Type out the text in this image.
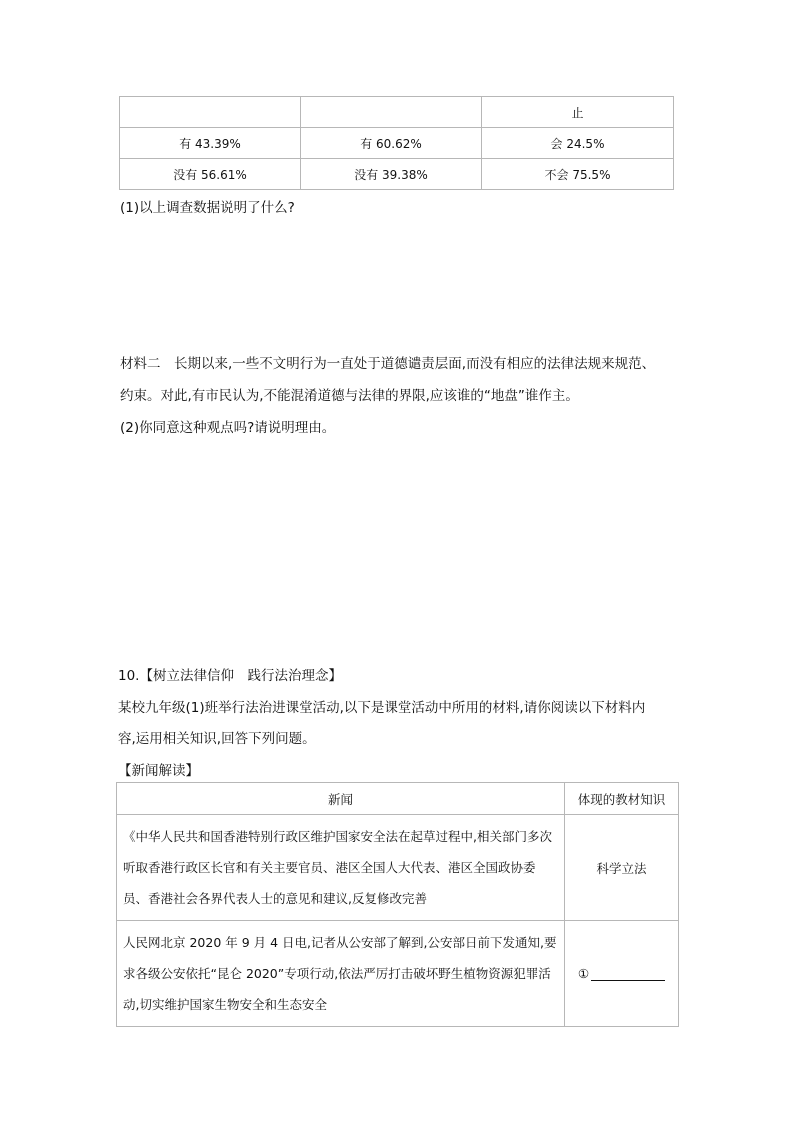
		止
有 43.39%	有 60.62%	会 24.5%
没有 56.61%	没有 39.38%	不会 75.5%
(1)以上调查数据说明了什么?
材料二　长期以来,一些不文明行为一直处于道德谴责层面,而没有相应的法律法规来规范、
约束。对此,有市民认为,不能混淆道德与法律的界限,应该谁的“地盘”谁作主。
(2)你同意这种观点吗?请说明理由。
10.【树立法律信仰　践行法治理念】
某校九年级(1)班举行法治进课堂活动,以下是课堂活动中所用的材料,请你阅读以下材料内
容,运用相关知识,回答下列问题。
【新闻解读】
新闻	体现的教材知识
《中华人民共和国香港特别行政区维护国家安全法在起草过程中,相关部门多次听取香港行政区长官和有关主要官员、港区全国人大代表、港区全国政协委员、香港社会各界代表人士的意见和建议,反复修改完善	科学立法
人民网北京 2020 年 9 月 4 日电,记者从公安部了解到,公安部日前下发通知,要求各级公安依托“昆仑 2020”专项行动,依法严厉打击破坏野生植物资源犯罪活动,切实维护国家生物安全和生态安全	①
